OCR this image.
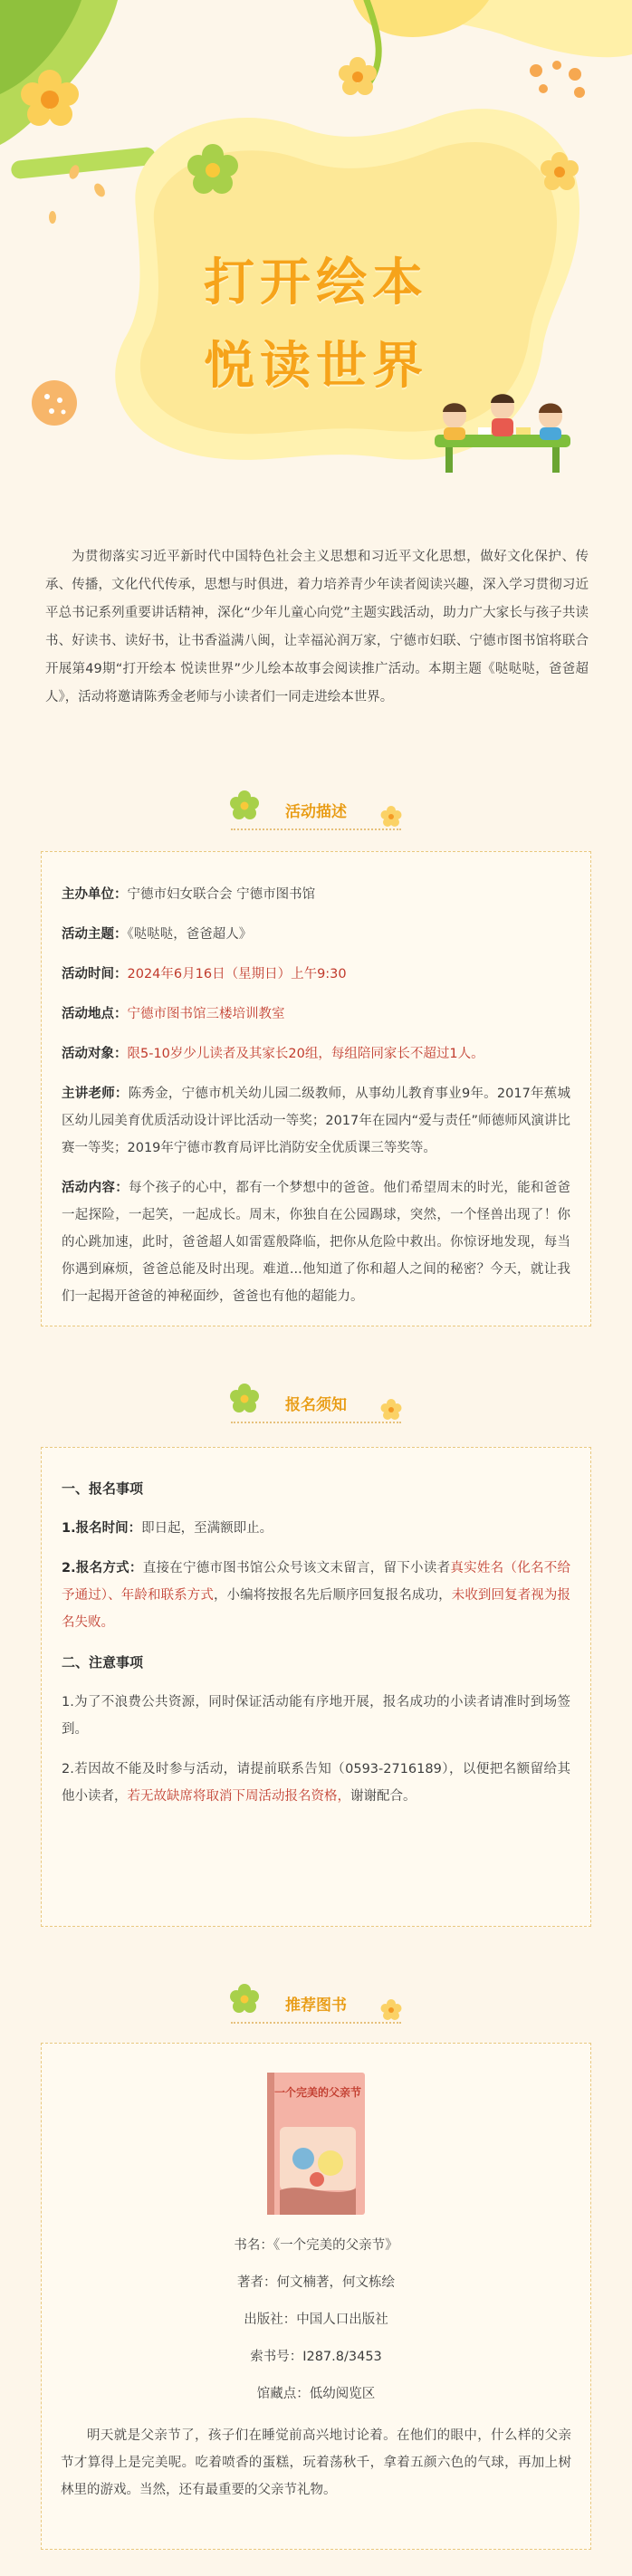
打开绘本
悦读世界
为贯彻落实习近平新时代中国特色社会主义思想和习近平文化思想，做好文化保护、传承、传播，文化代代传承，思想与时俱进，着力培养青少年读者阅读兴趣，深入学习贯彻习近平总书记系列重要讲话精神，深化“少年儿童心向党”主题实践活动，助力广大家长与孩子共读书、好读书、读好书，让书香溢满八闽，让幸福沁润万家，宁德市妇联、宁德市图书馆将联合开展第49期“打开绘本 悦读世界”少儿绘本故事会阅读推广活动。本期主题《哒哒哒，爸爸超人》，活动将邀请陈秀金老师与小读者们一同走进绘本世界。
活动描述
主办单位：宁德市妇女联合会 宁德市图书馆
活动主题：《哒哒哒，爸爸超人》
活动时间：2024年6月16日（星期日）上午9:30
活动地点：宁德市图书馆三楼培训教室
活动对象：限5-10岁少儿读者及其家长20组，每组陪同家长不超过1人。
主讲老师：陈秀金，宁德市机关幼儿园二级教师，从事幼儿教育事业9年。2017年蕉城区幼儿园美育优质活动设计评比活动一等奖；2017年在园内“爱与责任”师德师风演讲比赛一等奖；2019年宁德市教育局评比消防安全优质课三等奖等。
活动内容：每个孩子的心中，都有一个梦想中的爸爸。他们希望周末的时光，能和爸爸一起探险，一起笑，一起成长。周末，你独自在公园踢球，突然，一个怪兽出现了！你的心跳加速，此时，爸爸超人如雷霆般降临，把你从危险中救出。你惊讶地发现，每当你遇到麻烦，爸爸总能及时出现。难道...他知道了你和超人之间的秘密？今天，就让我们一起揭开爸爸的神秘面纱，爸爸也有他的超能力。
报名须知
一、报名事项
1.报名时间：即日起，至满额即止。
2.报名方式：直接在宁德市图书馆公众号该文末留言，留下小读者真实姓名（化名不给予通过）、年龄和联系方式，小编将按报名先后顺序回复报名成功，未收到回复者视为报名失败。
二、注意事项
1.为了不浪费公共资源，同时保证活动能有序地开展，报名成功的小读者请准时到场签到。
2.若因故不能及时参与活动，请提前联系告知（0593-2716189），以便把名额留给其他小读者，若无故缺席将取消下周活动报名资格，谢谢配合。
推荐图书
一个完美的父亲节
书名：《一个完美的父亲节》
著者：何文楠著，何文栋绘
出版社：中国人口出版社
索书号：I287.8/3453
馆藏点：低幼阅览区
明天就是父亲节了，孩子们在睡觉前高兴地讨论着。在他们的眼中，什么样的父亲节才算得上是完美呢。吃着喷香的蛋糕，玩着荡秋千，拿着五颜六色的气球，再加上树林里的游戏。当然，还有最重要的父亲节礼物。
